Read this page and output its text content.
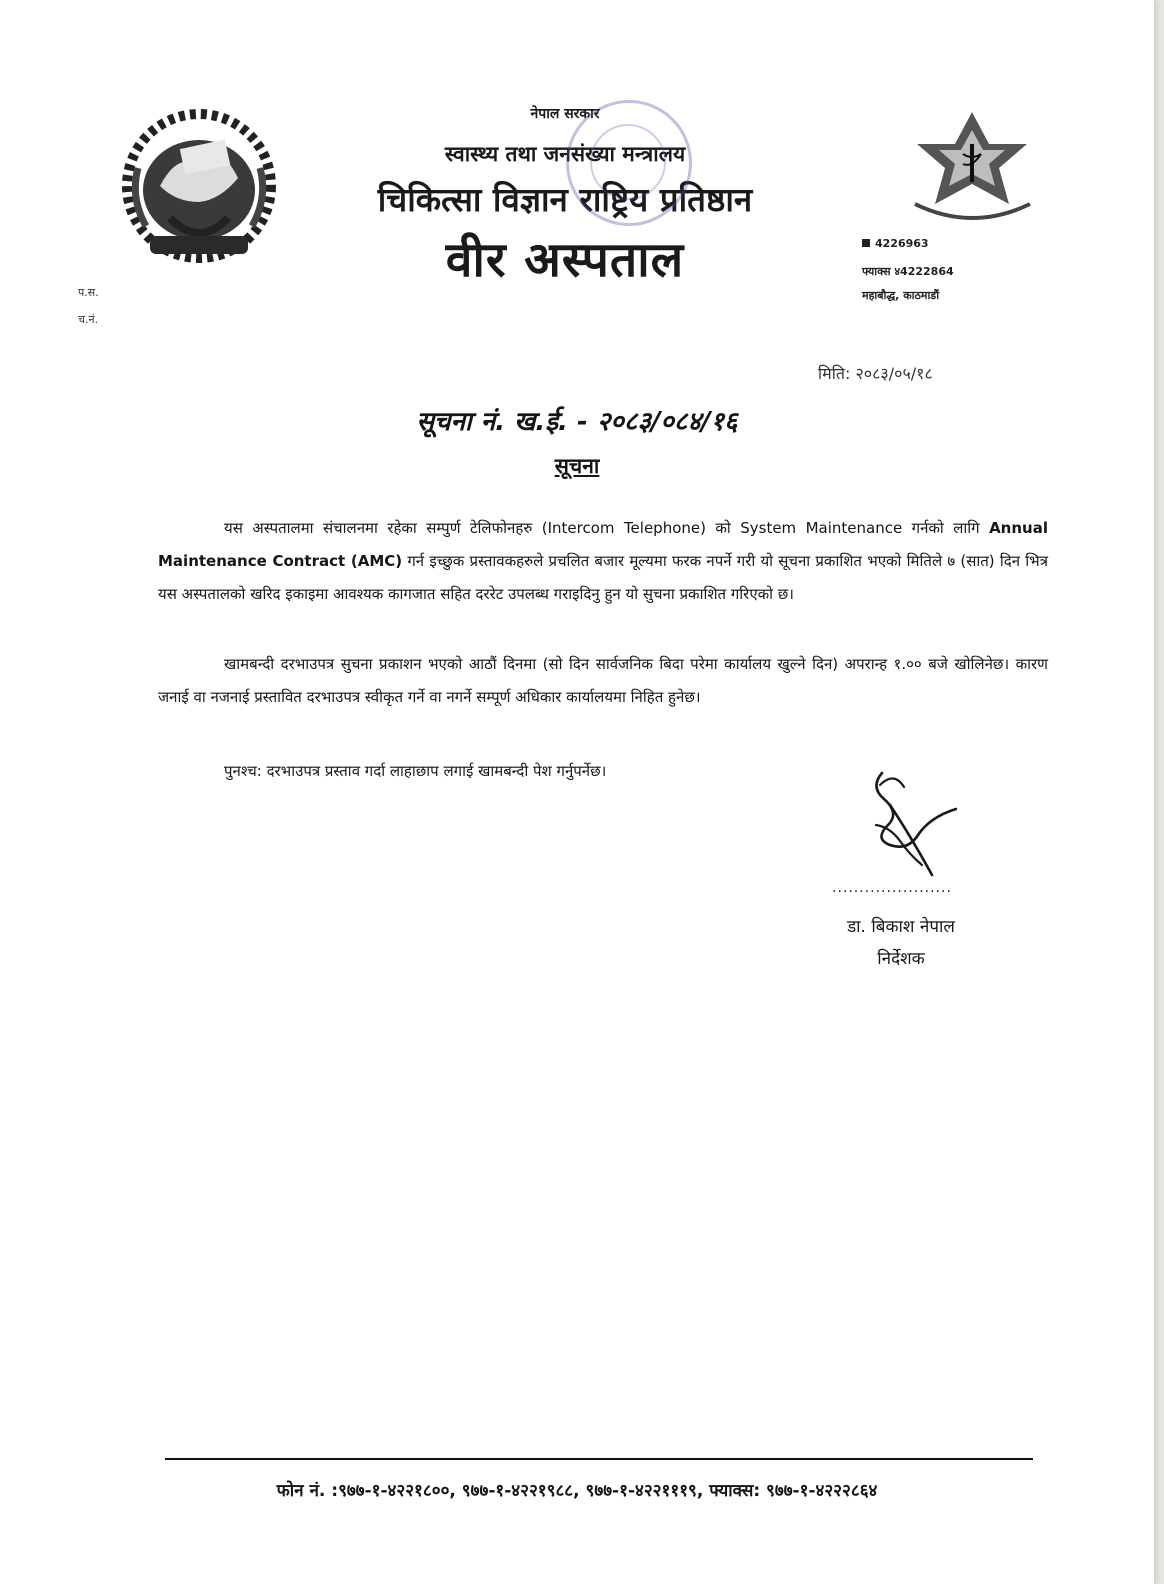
नेपाल सरकार
स्वास्थ्य तथा जनसंख्या मन्त्रालय
चिकित्सा विज्ञान राष्ट्रिय प्रतिष्ठान
वीर अस्पताल	4226963
फ्याक्स ४4222864
महाबौद्ध, काठमाडौं
प.स.
च.नं.
मिति: २०८३/०५/१८
सूचना नं. ख.ई. - २०८३/०८४/१६
सूचना
यस अस्पतालमा संचालनमा रहेका सम्पुर्ण टेलिफोनहरु (Intercom Telephone) को System Maintenance गर्नको लागि Annual Maintenance Contract (AMC) गर्न इच्छुक प्रस्तावकहरुले प्रचलित बजार मूल्यमा फरक नपर्ने गरी यो सूचना प्रकाशित भएको मितिले ७ (सात) दिन भित्र यस अस्पतालको खरिद इकाइमा आवश्यक कागजात सहित दररेट उपलब्ध गराइदिनु हुन यो सुचना प्रकाशित गरिएको छ।
खामबन्दी दरभाउपत्र सुचना प्रकाशन भएको आठौं दिनमा (सो दिन सार्वजनिक बिदा परेमा कार्यालय खुल्ने दिन) अपरान्ह १.०० बजे खोलिनेछ। कारण जनाई वा नजनाई प्रस्तावित दरभाउपत्र स्वीकृत गर्ने वा नगर्ने सम्पूर्ण अधिकार कार्यालयमा निहित हुनेछ।
पुनश्च: दरभाउपत्र प्रस्ताव गर्दा लाहाछाप लगाई खामबन्दी पेश गर्नुपर्नेछ।
......................
डा. बिकाश नेपाल
निर्देशक
फोन नं. :९७७-१-४२२१८००, ९७७-१-४२२१९८८, ९७७-१-४२२१११९, फ्याक्स: ९७७-१-४२२२८६४
